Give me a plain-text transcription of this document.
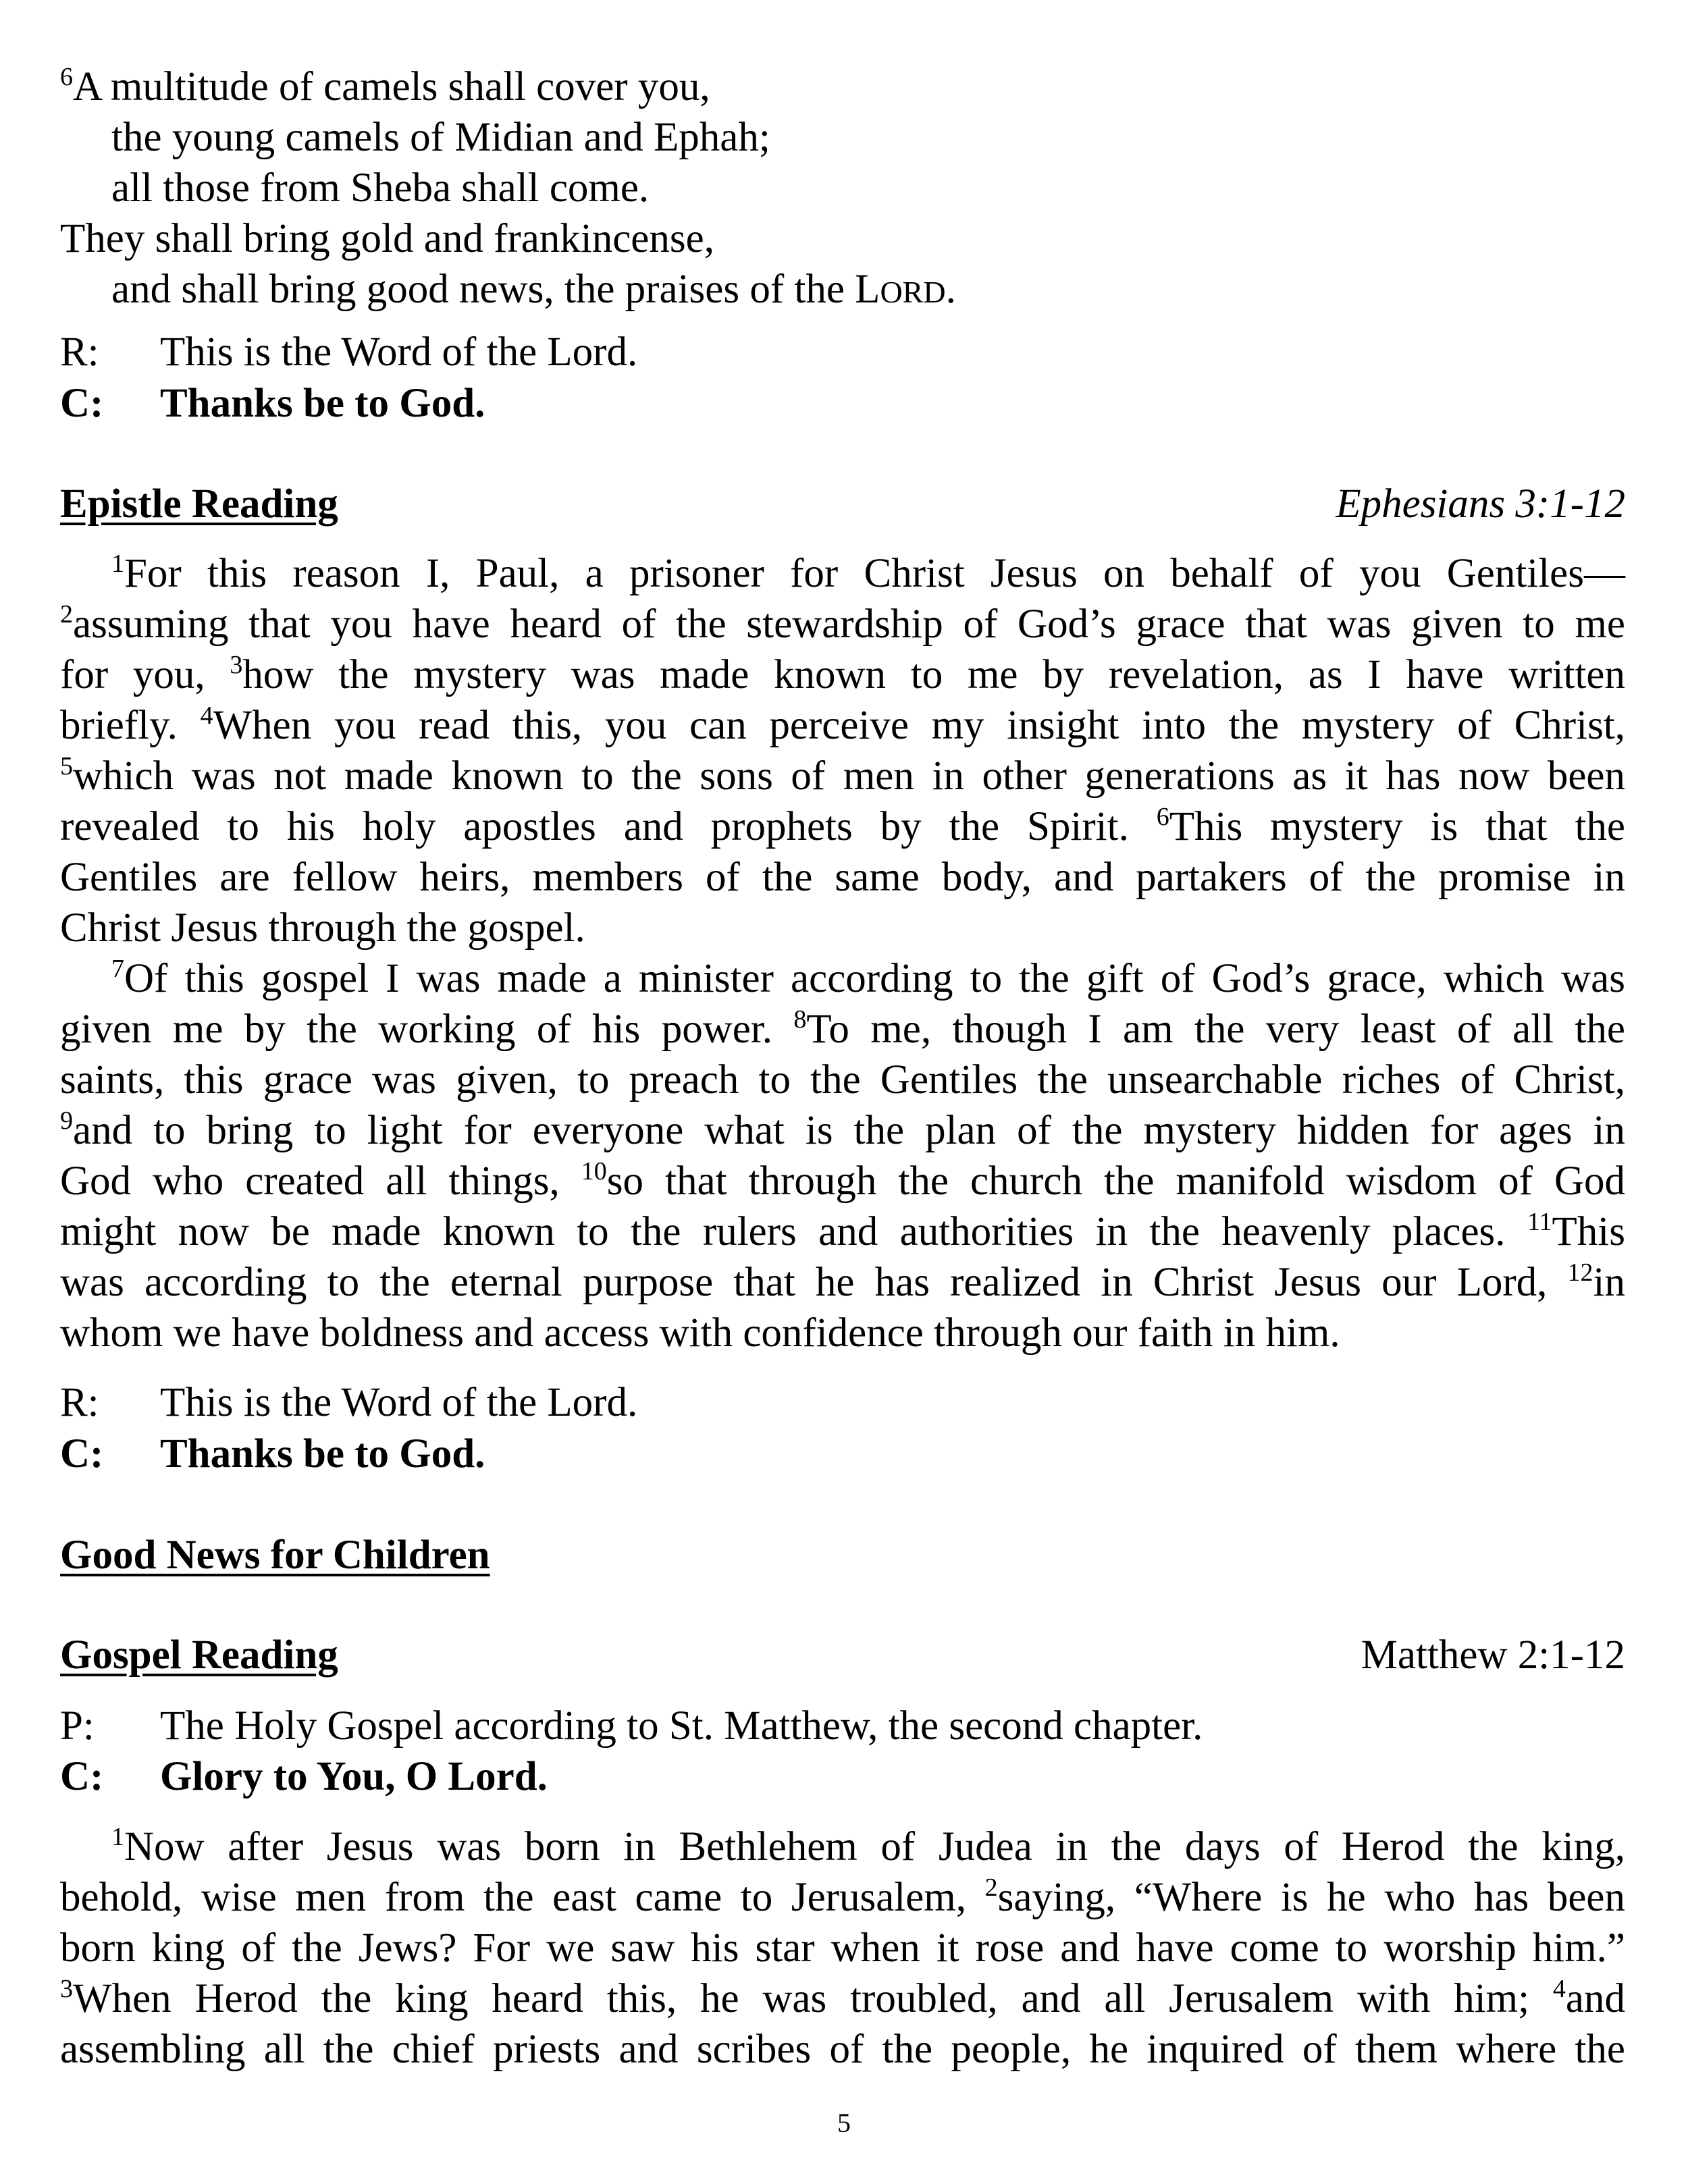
$^6$A multitude of camels shall cover you,
the young camels of Midian and Ephah;
all those from Sheba shall come.
They shall bring gold and frankincense,
and shall bring good news, the praises of the LORD.
R: This is the Word of the Lord.
C: Thanks be to God.
Epistle Reading	Ephesians 3:1-12
$^1$For this reason I, Paul, a prisoner for Christ Jesus on behalf of you Gentiles—
$^2$assuming that you have heard of the stewardship of God’s grace that was given to me
for you, $^3$how the mystery was made known to me by revelation, as I have written
briefly. $^4$When you read this, you can perceive my insight into the mystery of Christ,
$^5$which was not made known to the sons of men in other generations as it has now been
revealed to his holy apostles and prophets by the Spirit. $^6$This mystery is that the
Gentiles are fellow heirs, members of the same body, and partakers of the promise in
Christ Jesus through the gospel.
$^7$Of this gospel I was made a minister according to the gift of God’s grace, which was
given me by the working of his power. $^8$To me, though I am the very least of all the
saints, this grace was given, to preach to the Gentiles the unsearchable riches of Christ,
$^9$and to bring to light for everyone what is the plan of the mystery hidden for ages in
God who created all things, $^{10}$so that through the church the manifold wisdom of God
might now be made known to the rulers and authorities in the heavenly places. $^{11}$This
was according to the eternal purpose that he has realized in Christ Jesus our Lord, $^{12}$in
whom we have boldness and access with confidence through our faith in him.
R: This is the Word of the Lord.
C: Thanks be to God.
Good News for Children
Gospel Reading	Matthew 2:1-12
P: The Holy Gospel according to St. Matthew, the second chapter.
C: Glory to You, O Lord.
$^1$Now after Jesus was born in Bethlehem of Judea in the days of Herod the king,
behold, wise men from the east came to Jerusalem, $^2$saying, “Where is he who has been
born king of the Jews? For we saw his star when it rose and have come to worship him.”
$^3$When Herod the king heard this, he was troubled, and all Jerusalem with him; $^4$and
assembling all the chief priests and scribes of the people, he inquired of them where the
5
